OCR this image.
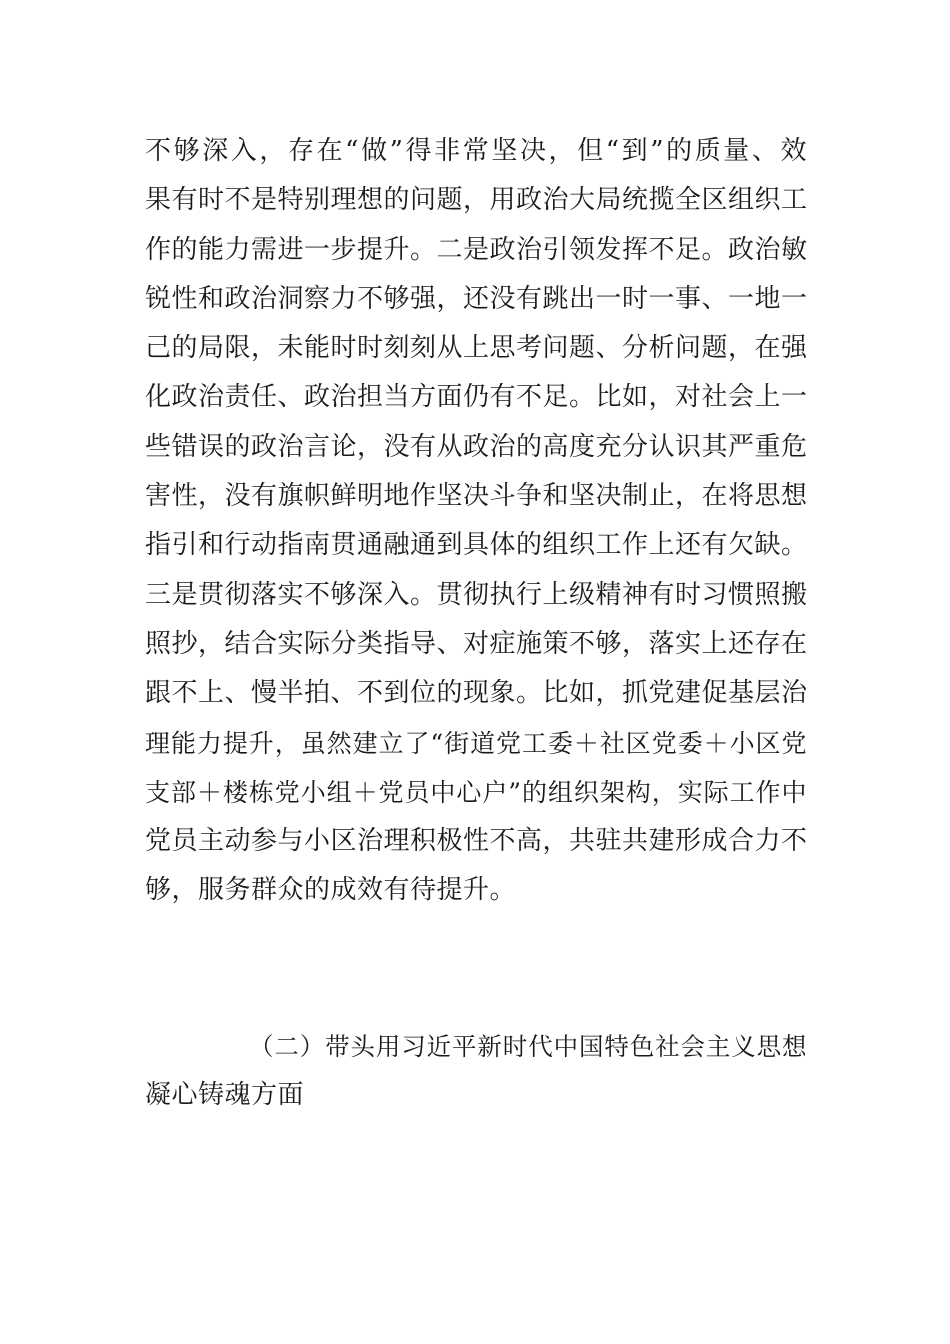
不够深入，存在“做”得非常坚决，但“到”的质量、效
果有时不是特别理想的问题，用政治大局统揽全区组织工
作的能力需进一步提升。二是政治引领发挥不足。政治敏
锐性和政治洞察力不够强，还没有跳出一时一事、一地一
己的局限，未能时时刻刻从上思考问题、分析问题，在强
化政治责任、政治担当方面仍有不足。比如，对社会上一
些错误的政治言论，没有从政治的高度充分认识其严重危
害性，没有旗帜鲜明地作坚决斗争和坚决制止，在将思想
指引和行动指南贯通融通到具体的组织工作上还有欠缺。
三是贯彻落实不够深入。贯彻执行上级精神有时习惯照搬
照抄，结合实际分类指导、对症施策不够，落实上还存在
跟不上、慢半拍、不到位的现象。比如，抓党建促基层治
理能力提升，虽然建立了“街道党工委＋社区党委＋小区党
支部＋楼栋党小组＋党员中心户”的组织架构，实际工作中
党员主动参与小区治理积极性不高，共驻共建形成合力不
够，服务群众的成效有待提升。
（二）带头用习近平新时代中国特色社会主义思想
凝心铸魂方面
